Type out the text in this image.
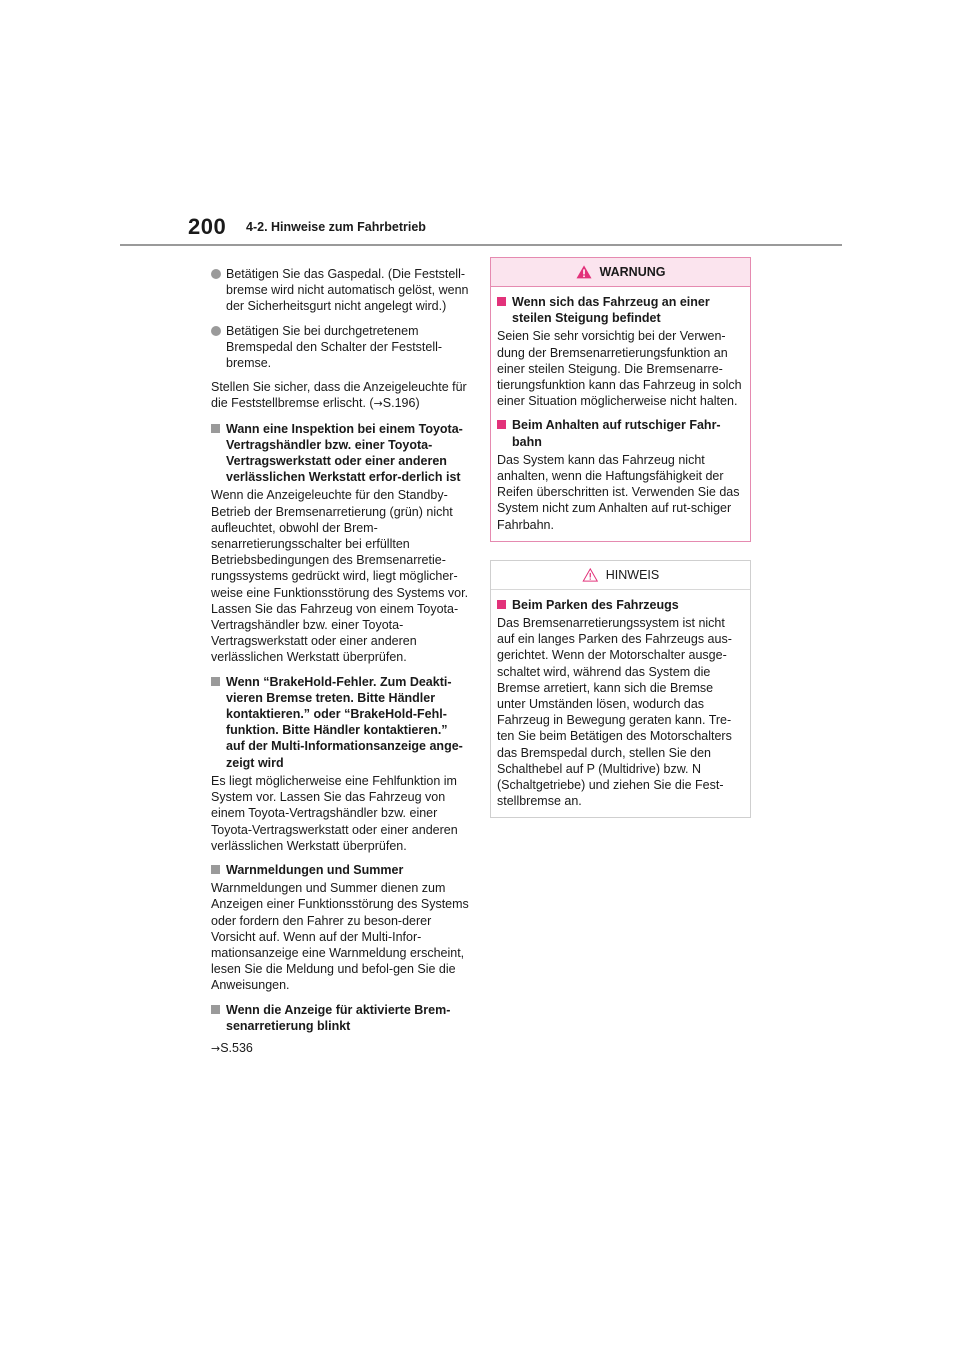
200 4-2. Hinweise zum Fahrbetrieb
Betätigen Sie das Gaspedal. (Die Feststell-bremse wird nicht automatisch gelöst, wenn der Sicherheitsgurt nicht angelegt wird.)
Betätigen Sie bei durchgetretenem Bremspedal den Schalter der Feststell-bremse.

Stellen Sie sicher, dass die Anzeigeleuchte für die Feststellbremse erlischt. (→S.196)

Wann eine Inspektion bei einem Toyota-Vertragshändler bzw. einer Toyota-Vertragswerkstatt oder einer anderen verlässlichen Werkstatt erfor-derlich ist

Wenn die Anzeigeleuchte für den Standby-Betrieb der Bremsenarretierung (grün) nicht aufleuchtet, obwohl der Brem-senarretierungsschalter bei erfüllten Betriebsbedingungen des Bremsenarretie-rungssystems gedrückt wird, liegt möglicher-weise eine Funktionsstörung des Systems vor. Lassen Sie das Fahrzeug von einem Toyota-Vertragshändler bzw. einer Toyota-Vertragswerkstatt oder einer anderen verlässlichen Werkstatt überprüfen.

Wenn “BrakeHold-Fehler. Zum Deakti-vieren Bremse treten. Bitte Händler kontaktieren.” oder “BrakeHold-Fehl-funktion. Bitte Händler kontaktieren.” auf der Multi-Informationsanzeige ange-zeigt wird

Es liegt möglicherweise eine Fehlfunktion im System vor. Lassen Sie das Fahrzeug von einem Toyota-Vertragshändler bzw. einer Toyota-Vertragswerkstatt oder einer anderen verlässlichen Werkstatt überprüfen.

Warnmeldungen und Summer

Warnmeldungen und Summer dienen zum Anzeigen einer Funktionsstörung des Systems oder fordern den Fahrer zu beson-derer Vorsicht auf. Wenn auf der Multi-Infor-mationsanzeige eine Warnmeldung erscheint, lesen Sie die Meldung und befol-gen Sie die Anweisungen.

Wenn die Anzeige für aktivierte Brem-senarretierung blinkt

→S.536

WARNUNG
Wenn sich das Fahrzeug an einer steilen Steigung befindet

Seien Sie sehr vorsichtig bei der Verwen-dung der Bremsenarretierungsfunktion an einer steilen Steigung. Die Bremsenarre-tierungsfunktion kann das Fahrzeug in solch einer Situation möglicherweise nicht halten.

Beim Anhalten auf rutschiger Fahr-bahn

Das System kann das Fahrzeug nicht anhalten, wenn die Haftungsfähigkeit der Reifen überschritten ist. Verwenden Sie das System nicht zum Anhalten auf rut-schiger Fahrbahn.

HINWEIS
Beim Parken des Fahrzeugs

Das Bremsenarretierungssystem ist nicht auf ein langes Parken des Fahrzeugs aus-gerichtet. Wenn der Motorschalter ausge-schaltet wird, während das System die Bremse arretiert, kann sich die Bremse unter Umständen lösen, wodurch das Fahrzeug in Bewegung geraten kann. Tre-ten Sie beim Betätigen des Motorschalters das Bremspedal durch, stellen Sie den Schalthebel auf P (Multidrive) bzw. N (Schaltgetriebe) und ziehen Sie die Fest-stellbremse an.
